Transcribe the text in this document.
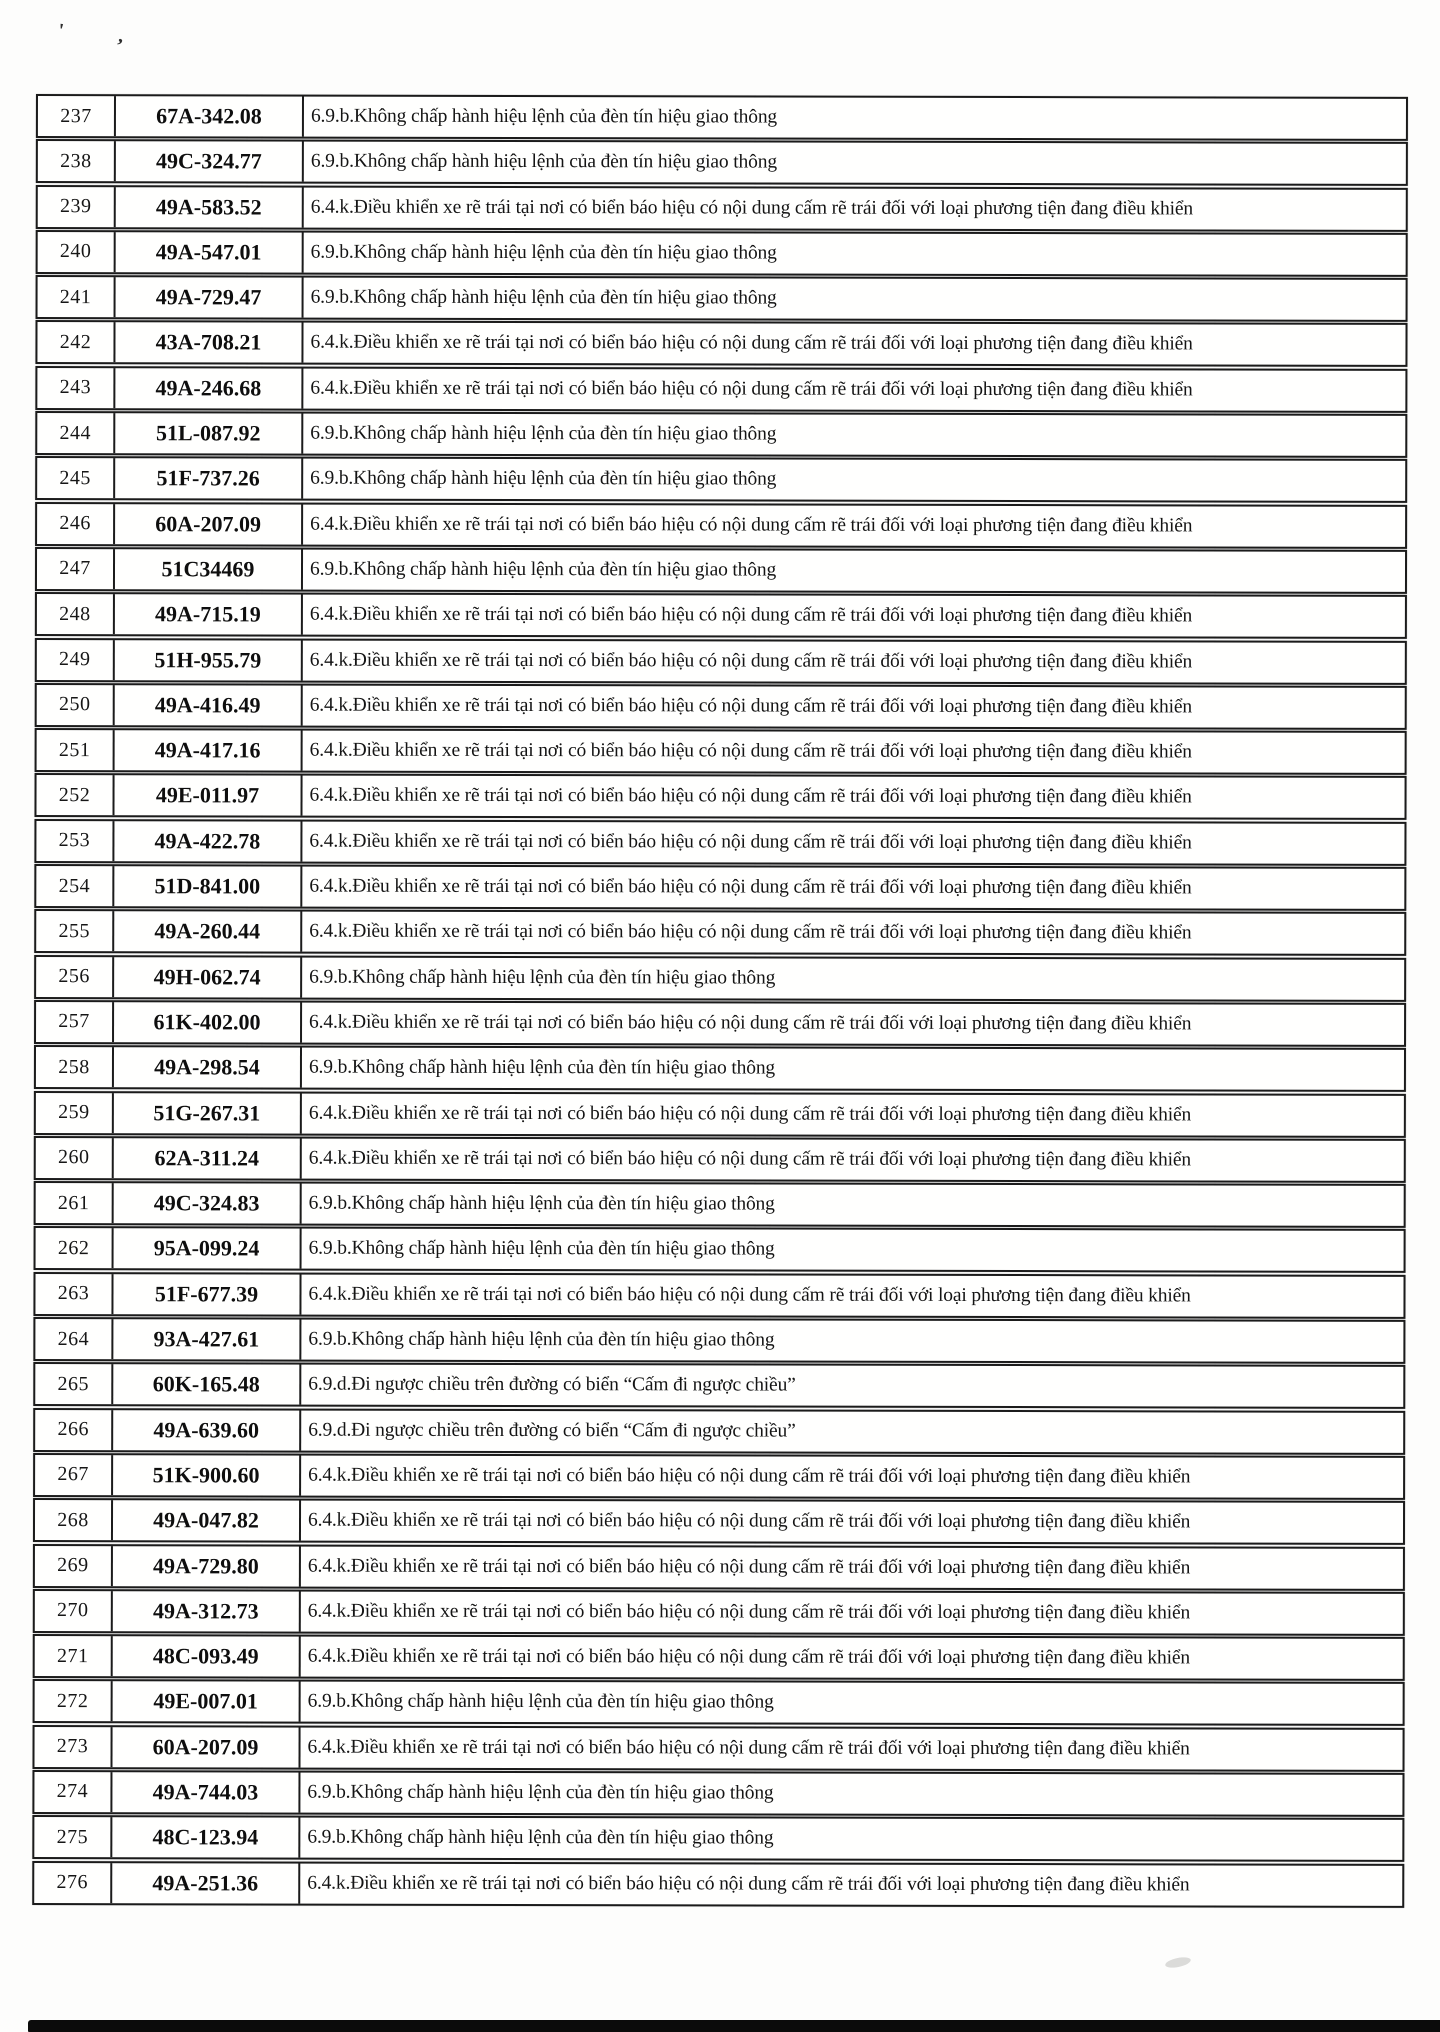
'	,
237	67A-342.08	6.9.b.Không chấp hành hiệu lệnh của đèn tín hiệu giao thông
238	49C-324.77	6.9.b.Không chấp hành hiệu lệnh của đèn tín hiệu giao thông
239	49A-583.52	6.4.k.Điều khiển xe rẽ trái tại nơi có biển báo hiệu có nội dung cấm rẽ trái đối với loại phương tiện đang điều khiển
240	49A-547.01	6.9.b.Không chấp hành hiệu lệnh của đèn tín hiệu giao thông
241	49A-729.47	6.9.b.Không chấp hành hiệu lệnh của đèn tín hiệu giao thông
242	43A-708.21	6.4.k.Điều khiển xe rẽ trái tại nơi có biển báo hiệu có nội dung cấm rẽ trái đối với loại phương tiện đang điều khiển
243	49A-246.68	6.4.k.Điều khiển xe rẽ trái tại nơi có biển báo hiệu có nội dung cấm rẽ trái đối với loại phương tiện đang điều khiển
244	51L-087.92	6.9.b.Không chấp hành hiệu lệnh của đèn tín hiệu giao thông
245	51F-737.26	6.9.b.Không chấp hành hiệu lệnh của đèn tín hiệu giao thông
246	60A-207.09	6.4.k.Điều khiển xe rẽ trái tại nơi có biển báo hiệu có nội dung cấm rẽ trái đối với loại phương tiện đang điều khiển
247	51C34469	6.9.b.Không chấp hành hiệu lệnh của đèn tín hiệu giao thông
248	49A-715.19	6.4.k.Điều khiển xe rẽ trái tại nơi có biển báo hiệu có nội dung cấm rẽ trái đối với loại phương tiện đang điều khiển
249	51H-955.79	6.4.k.Điều khiển xe rẽ trái tại nơi có biển báo hiệu có nội dung cấm rẽ trái đối với loại phương tiện đang điều khiển
250	49A-416.49	6.4.k.Điều khiển xe rẽ trái tại nơi có biển báo hiệu có nội dung cấm rẽ trái đối với loại phương tiện đang điều khiển
251	49A-417.16	6.4.k.Điều khiển xe rẽ trái tại nơi có biển báo hiệu có nội dung cấm rẽ trái đối với loại phương tiện đang điều khiển
252	49E-011.97	6.4.k.Điều khiển xe rẽ trái tại nơi có biển báo hiệu có nội dung cấm rẽ trái đối với loại phương tiện đang điều khiển
253	49A-422.78	6.4.k.Điều khiển xe rẽ trái tại nơi có biển báo hiệu có nội dung cấm rẽ trái đối với loại phương tiện đang điều khiển
254	51D-841.00	6.4.k.Điều khiển xe rẽ trái tại nơi có biển báo hiệu có nội dung cấm rẽ trái đối với loại phương tiện đang điều khiển
255	49A-260.44	6.4.k.Điều khiển xe rẽ trái tại nơi có biển báo hiệu có nội dung cấm rẽ trái đối với loại phương tiện đang điều khiển
256	49H-062.74	6.9.b.Không chấp hành hiệu lệnh của đèn tín hiệu giao thông
257	61K-402.00	6.4.k.Điều khiển xe rẽ trái tại nơi có biển báo hiệu có nội dung cấm rẽ trái đối với loại phương tiện đang điều khiển
258	49A-298.54	6.9.b.Không chấp hành hiệu lệnh của đèn tín hiệu giao thông
259	51G-267.31	6.4.k.Điều khiển xe rẽ trái tại nơi có biển báo hiệu có nội dung cấm rẽ trái đối với loại phương tiện đang điều khiển
260	62A-311.24	6.4.k.Điều khiển xe rẽ trái tại nơi có biển báo hiệu có nội dung cấm rẽ trái đối với loại phương tiện đang điều khiển
261	49C-324.83	6.9.b.Không chấp hành hiệu lệnh của đèn tín hiệu giao thông
262	95A-099.24	6.9.b.Không chấp hành hiệu lệnh của đèn tín hiệu giao thông
263	51F-677.39	6.4.k.Điều khiển xe rẽ trái tại nơi có biển báo hiệu có nội dung cấm rẽ trái đối với loại phương tiện đang điều khiển
264	93A-427.61	6.9.b.Không chấp hành hiệu lệnh của đèn tín hiệu giao thông
265	60K-165.48	6.9.d.Đi ngược chiều trên đường có biển “Cấm đi ngược chiều”
266	49A-639.60	6.9.d.Đi ngược chiều trên đường có biển “Cấm đi ngược chiều”
267	51K-900.60	6.4.k.Điều khiển xe rẽ trái tại nơi có biển báo hiệu có nội dung cấm rẽ trái đối với loại phương tiện đang điều khiển
268	49A-047.82	6.4.k.Điều khiển xe rẽ trái tại nơi có biển báo hiệu có nội dung cấm rẽ trái đối với loại phương tiện đang điều khiển
269	49A-729.80	6.4.k.Điều khiển xe rẽ trái tại nơi có biển báo hiệu có nội dung cấm rẽ trái đối với loại phương tiện đang điều khiển
270	49A-312.73	6.4.k.Điều khiển xe rẽ trái tại nơi có biển báo hiệu có nội dung cấm rẽ trái đối với loại phương tiện đang điều khiển
271	48C-093.49	6.4.k.Điều khiển xe rẽ trái tại nơi có biển báo hiệu có nội dung cấm rẽ trái đối với loại phương tiện đang điều khiển
272	49E-007.01	6.9.b.Không chấp hành hiệu lệnh của đèn tín hiệu giao thông
273	60A-207.09	6.4.k.Điều khiển xe rẽ trái tại nơi có biển báo hiệu có nội dung cấm rẽ trái đối với loại phương tiện đang điều khiển
274	49A-744.03	6.9.b.Không chấp hành hiệu lệnh của đèn tín hiệu giao thông
275	48C-123.94	6.9.b.Không chấp hành hiệu lệnh của đèn tín hiệu giao thông
276	49A-251.36	6.4.k.Điều khiển xe rẽ trái tại nơi có biển báo hiệu có nội dung cấm rẽ trái đối với loại phương tiện đang điều khiển
